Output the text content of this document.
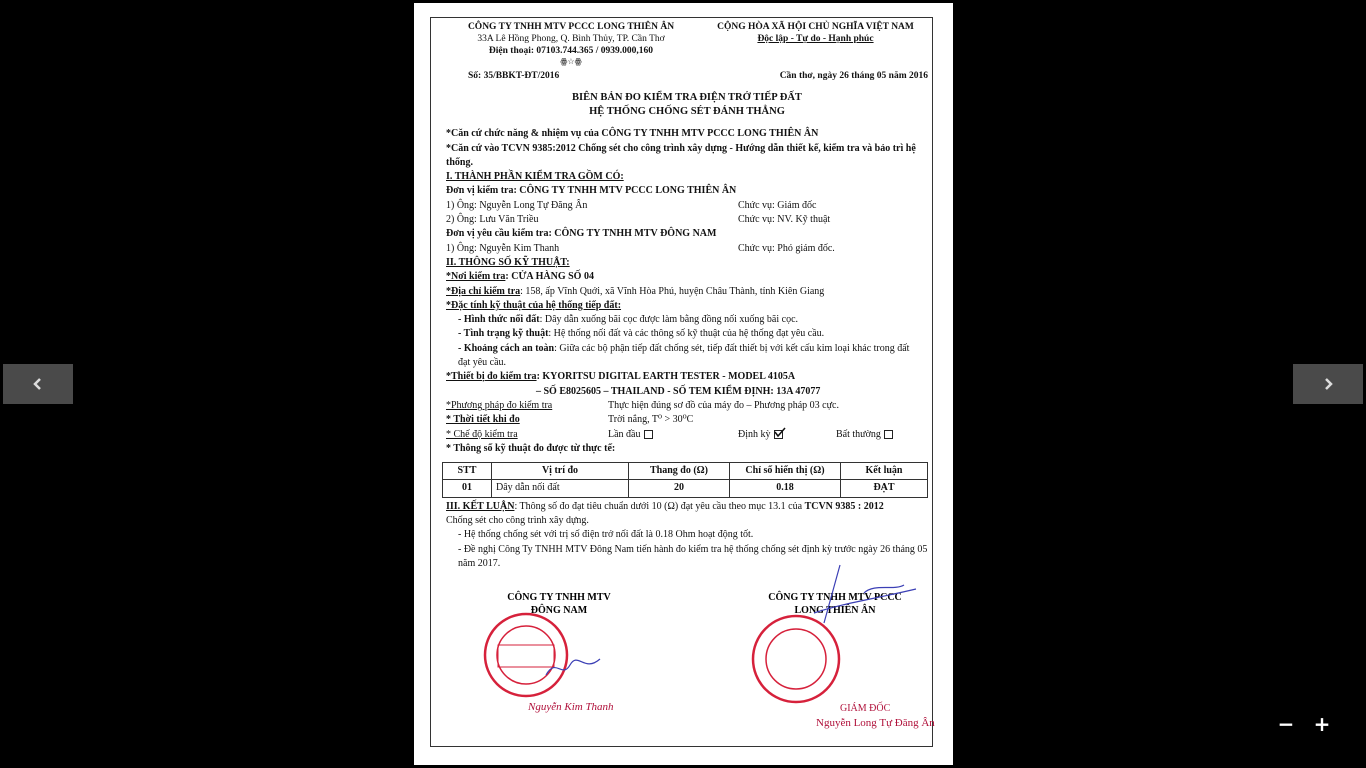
− +
CÔNG TY TNHH MTV PCCC LONG THIÊN ÂN
33A Lê Hồng Phong, Q. Bình Thủy, TP. Cần Thơ
Điện thoại: 07103.744.365 / 0939.000,160
ꙮ☆ꙮ
CỘNG HÒA XÃ HỘI CHỦ NGHĨA VIỆT NAM
Độc lập - Tự do - Hạnh phúc
Số: 35/BBKT-ĐT/2016	Cần thơ, ngày 26 tháng 05 năm 2016
BIÊN BẢN ĐO KIỂM TRA ĐIỆN TRỞ TIẾP ĐẤT
HỆ THỐNG CHỐNG SÉT ĐÁNH THẲNG

*Căn cứ chức năng & nhiệm vụ của CÔNG TY TNHH MTV PCCC LONG THIÊN ÂN

*Căn cứ vào TCVN 9385:2012 Chống sét cho công trình xây dựng - Hướng dẫn thiết kế, kiểm tra và bảo trì hệ thống.

I. THÀNH PHẦN KIỂM TRA GỒM CÓ:

Đơn vị kiểm tra: CÔNG TY TNHH MTV PCCC LONG THIÊN ÂN

1) Ông: Nguyễn Long Tự Đăng Ân	Chức vụ: Giám đốc
2) Ông: Lưu Văn Triều	Chức vụ: NV. Kỹ thuật

Đơn vị yêu cầu kiểm tra: CÔNG TY TNHH MTV ĐÔNG NAM

1) Ông: Nguyễn Kim Thanh	Chức vụ: Phó giám đốc.

II. THÔNG SỐ KỸ THUẬT:

*Nơi kiểm tra: CỬA HÀNG SỐ 04

*Địa chỉ kiểm tra: 158, ấp Vĩnh Quới, xã Vĩnh Hòa Phú, huyện Châu Thành, tỉnh Kiên Giang

*Đặc tính kỹ thuật của hệ thống tiếp đất:

- Hình thức nối đất: Dây dẫn xuống bãi cọc được làm bằng đồng nối xuống bãi cọc.

- Tình trạng kỹ thuật: Hệ thống nối đất và các thông số kỹ thuật của hệ thống đạt yêu cầu.

- Khoảng cách an toàn: Giữa các bộ phận tiếp đất chống sét, tiếp đất thiết bị với kết cấu kim loại khác trong đất đạt yêu cầu.

*Thiết bị đo kiểm tra: KYORITSU DIGITAL EARTH TESTER - MODEL 4105A

– SỐ E8025605 – THAILAND - SỐ TEM KIỂM ĐỊNH: 13A 47077

*Phương pháp đo kiểm tra	Thực hiện đúng sơ đồ của máy đo – Phương pháp 03 cực.
* Thời tiết khi đo	Trời nắng, T⁰ > 30⁰C
* Chế độ kiểm tra	Lần đầu	Định kỳ	Bất thường

* Thông số kỹ thuật đo được từ thực tế:

STT	Vị trí đo	Thang đo (Ω)	Chỉ số hiển thị (Ω)	Kết luận
01	Dây dẫn nối đất	20	0.18	ĐẠT

III. KẾT LUẬN: Thông số đo đạt tiêu chuẩn dưới 10 (Ω) đạt yêu cầu theo mục 13.1 của TCVN 9385 : 2012

Chống sét cho công trình xây dựng.

- Hệ thống chống sét với trị số điện trở nối đất là 0.18 Ohm hoạt động tốt.

- Đề nghị Công Ty TNHH MTV Đông Nam tiến hành đo kiểm tra hệ thống chống sét định kỳ trước ngày 26 tháng 05 năm 2017.

CÔNG TY TNHH MTV
ĐÔNG NAM
Nguyễn Kim Thanh
CÔNG TY TNHH MTV PCCC
LONG THIÊN ÂN
GIÁM ĐỐC
Nguyễn Long Tự Đăng Ân
